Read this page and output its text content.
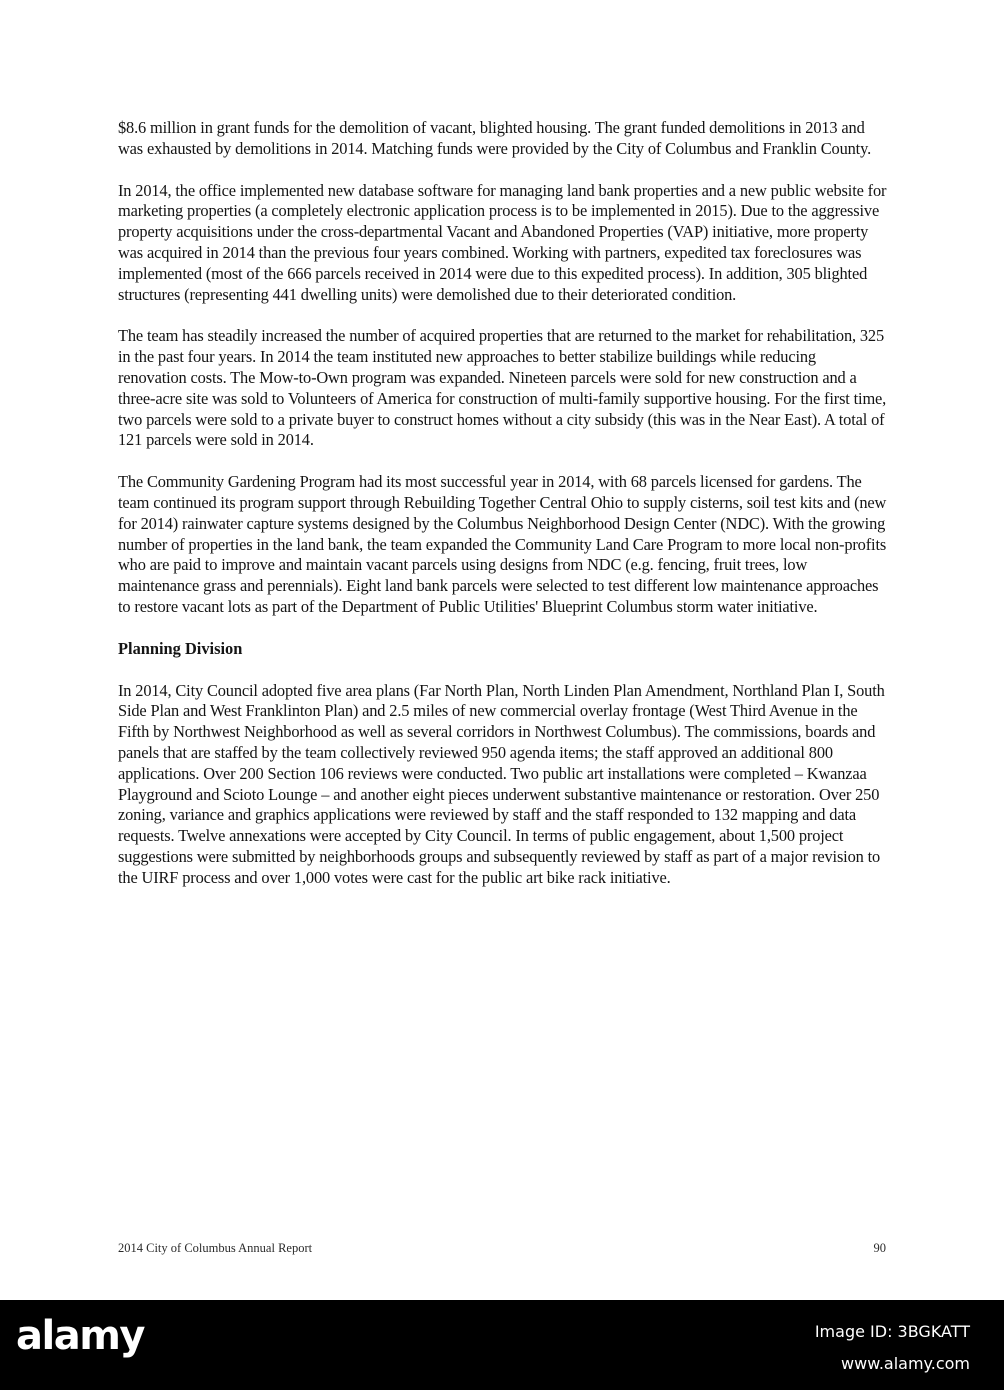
$8.6 million in grant funds for the demolition of vacant, blighted housing. The grant funded demolitions in 2013 and was exhausted by demolitions in 2014. Matching funds were provided by the City of Columbus and Franklin County.

In 2014, the office implemented new database software for managing land bank properties and a new public website for marketing properties (a completely electronic application process is to be implemented in 2015). Due to the aggressive property acquisitions under the cross-departmental Vacant and Abandoned Properties (VAP) initiative, more property was acquired in 2014 than the previous four years combined. Working with partners, expedited tax foreclosures was implemented (most of the 666 parcels received in 2014 were due to this expedited process). In addition, 305 blighted structures (representing 441 dwelling units) were demolished due to their deteriorated condition.

The team has steadily increased the number of acquired properties that are returned to the market for rehabilitation, 325 in the past four years. In 2014 the team instituted new approaches to better stabilize buildings while reducing renovation costs. The Mow-to-Own program was expanded. Nineteen parcels were sold for new construction and a three-acre site was sold to Volunteers of America for construction of multi-family supportive housing. For the first time, two parcels were sold to a private buyer to construct homes without a city subsidy (this was in the Near East). A total of 121 parcels were sold in 2014.

The Community Gardening Program had its most successful year in 2014, with 68 parcels licensed for gardens. The team continued its program support through Rebuilding Together Central Ohio to supply cisterns, soil test kits and (new for 2014) rainwater capture systems designed by the Columbus Neighborhood Design Center (NDC). With the growing number of properties in the land bank, the team expanded the Community Land Care Program to more local non-profits who are paid to improve and maintain vacant parcels using designs from NDC (e.g. fencing, fruit trees, low maintenance grass and perennials). Eight land bank parcels were selected to test different low maintenance approaches to restore vacant lots as part of the Department of Public Utilities' Blueprint Columbus storm water initiative.

Planning Division

In 2014, City Council adopted five area plans (Far North Plan, North Linden Plan Amendment, Northland Plan I, South Side Plan and West Franklinton Plan) and 2.5 miles of new commercial overlay frontage (West Third Avenue in the Fifth by Northwest Neighborhood as well as several corridors in Northwest Columbus). The commissions, boards and panels that are staffed by the team collectively reviewed 950 agenda items; the staff approved an additional 800 applications. Over 200 Section 106 reviews were conducted. Two public art installations were completed – Kwanzaa Playground and Scioto Lounge – and another eight pieces underwent substantive maintenance or restoration. Over 250 zoning, variance and graphics applications were reviewed by staff and the staff responded to 132 mapping and data requests. Twelve annexations were accepted by City Council. In terms of public engagement, about 1,500 project suggestions were submitted by neighborhoods groups and subsequently reviewed by staff as part of a major revision to the UIRF process and over 1,000 votes were cast for the public art bike rack initiative.

2014 City of Columbus Annual Report	90
alamy	Image ID: 3BGKATT
www.alamy.com
